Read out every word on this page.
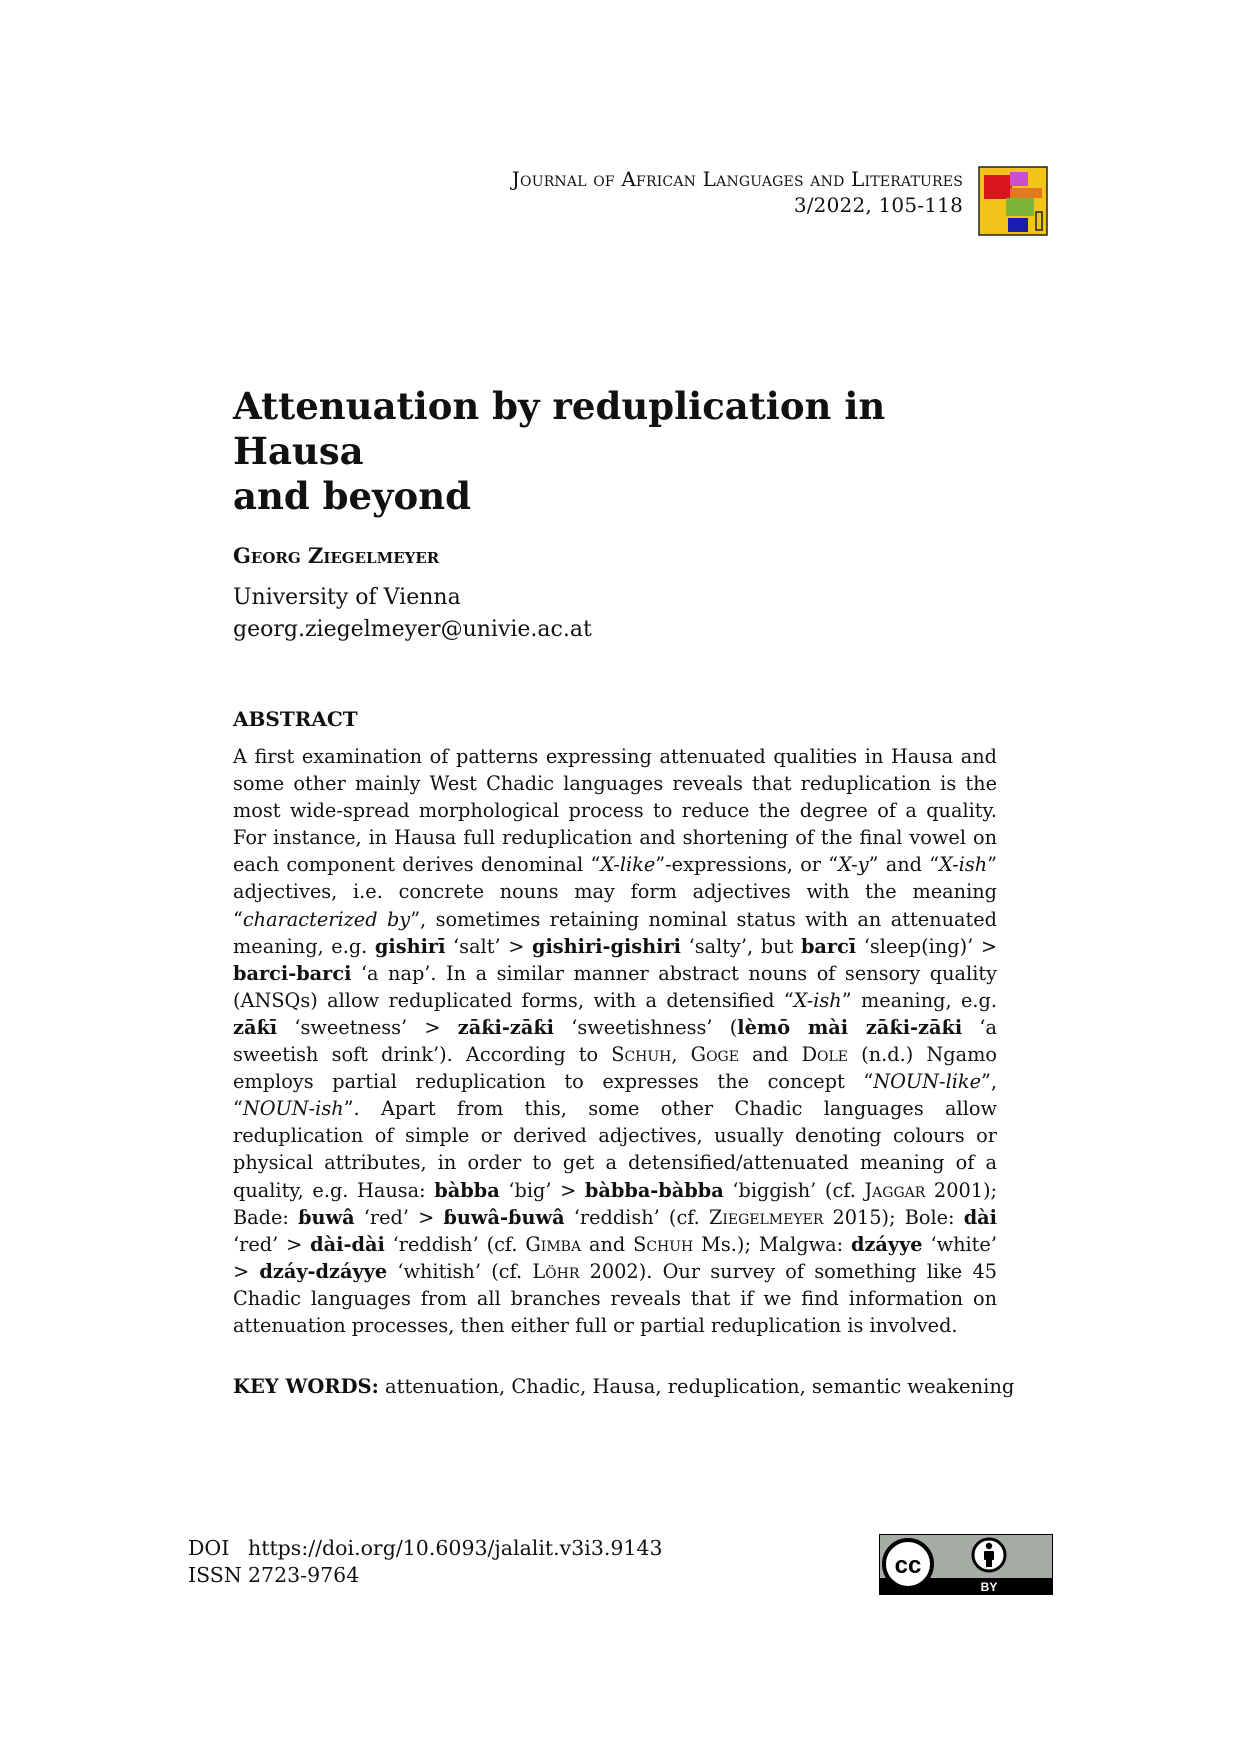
Journal of African Languages and Literatures
3/2022, 105-118
Attenuation by reduplication in Hausa
and beyond
Georg Ziegelmeyer
University of Vienna
georg.ziegelmeyer@univie.ac.at
ABSTRACT

A first examination of patterns expressing attenuated qualities in Hausa and some other mainly West Chadic languages reveals that reduplication is the most wide-spread morphological process to reduce the degree of a quality. For instance, in Hausa full reduplication and shortening of the final vowel on each component derives denominal “X-like”-expressions, or “X-y” and “X-ish” adjectives, i.e. concrete nouns may form adjectives with the meaning “characterized by”, sometimes retaining nominal status with an attenuated meaning, e.g. gishirī ‘salt’ > gishiri-gishiri ‘salty’, but barcī ‘sleep(ing)’ > barci-barci ‘a nap’. In a similar manner abstract nouns of sensory quality (ANSQs) allow reduplicated forms, with a detensified “X-ish” meaning, e.g. zāƙī ‘sweetness’ > zāƙi-zāƙi ‘sweetishness’ (lèmō mài zāƙi-zāƙi ‘a sweetish soft drink’). According to Schuh, Goge and Dole (n.d.) Ngamo employs partial reduplication to expresses the concept “NOUN-like”, “NOUN-ish”. Apart from this, some other Chadic languages allow reduplication of simple or derived adjectives, usually denoting colours or physical attributes, in order to get a detensified/attenuated meaning of a quality, e.g. Hausa: bàbba ‘big’ > bàbba-bàbba ‘biggish’ (cf. Jaggar 2001); Bade: ɓuwâ ‘red’ > ɓuwâ-ɓuwâ ‘reddish’ (cf. Ziegelmeyer 2015); Bole: dài ‘red’ > dài-dài ‘reddish’ (cf. Gimba and Schuh Ms.); Malgwa: dzáyye ‘white’ > dzáy-dzáyye ‘whitish’ (cf. Löhr 2002). Our survey of something like 45 Chadic languages from all branches reveals that if we find information on attenuation processes, then either full or partial reduplication is involved.

KEY WORDS: attenuation, Chadic, Hausa, reduplication, semantic weakening
DOI https://doi.org/10.6093/jalalit.v3i3.9143
ISSN 2723-9764	cc
BY
